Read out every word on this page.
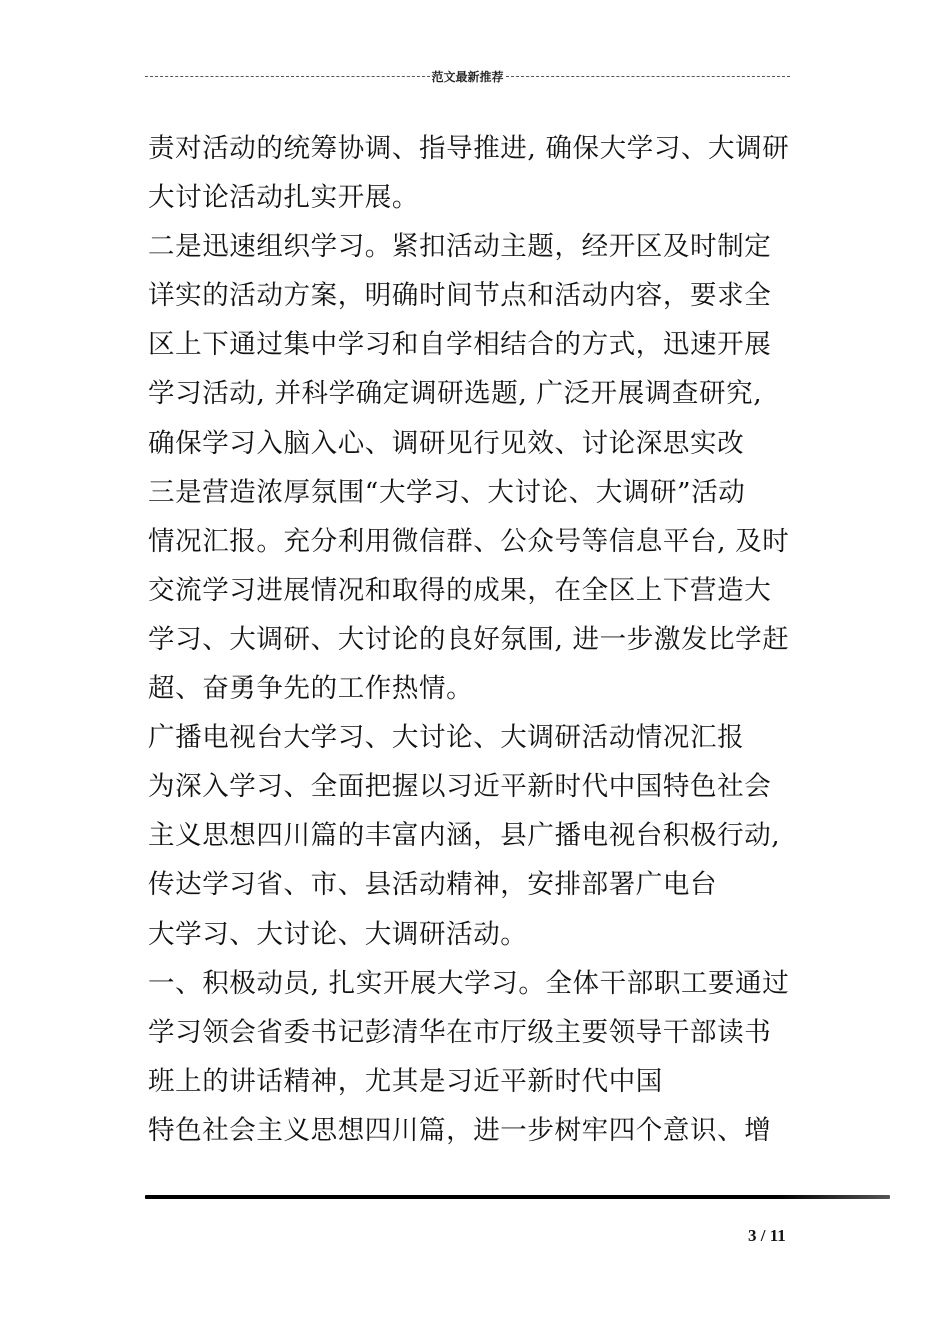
范文最新推荐
责对活动的统筹协调、指导推进, 确保大学习、大调研
大讨论活动扎实开展。
二是迅速组织学习。紧扣活动主题，经开区及时制定
详实的活动方案，明确时间节点和活动内容，要求全
区上下通过集中学习和自学相结合的方式，迅速开展
学习活动, 并科学确定调研选题, 广泛开展调查研究,
确保学习入脑入心、调研见行见效、讨论深思实改
三是营造浓厚氛围“大学习、大讨论、大调研”活动
情况汇报。充分利用微信群、公众号等信息平台, 及时
交流学习进展情况和取得的成果，在全区上下营造大
学习、大调研、大讨论的良好氛围, 进一步激发比学赶
超、奋勇争先的工作热情。
广播电视台大学习、大讨论、大调研活动情况汇报
为深入学习、全面把握以习近平新时代中国特色社会
主义思想四川篇的丰富内涵，县广播电视台积极行动,
传达学习省、市、县活动精神，安排部署广电台
大学习、大讨论、大调研活动。
一、积极动员, 扎实开展大学习。全体干部职工要通过
学习领会省委书记彭清华在市厅级主要领导干部读书
班上的讲话精神，尤其是习近平新时代中国
特色社会主义思想四川篇，进一步树牢四个意识、增
3 / 11
